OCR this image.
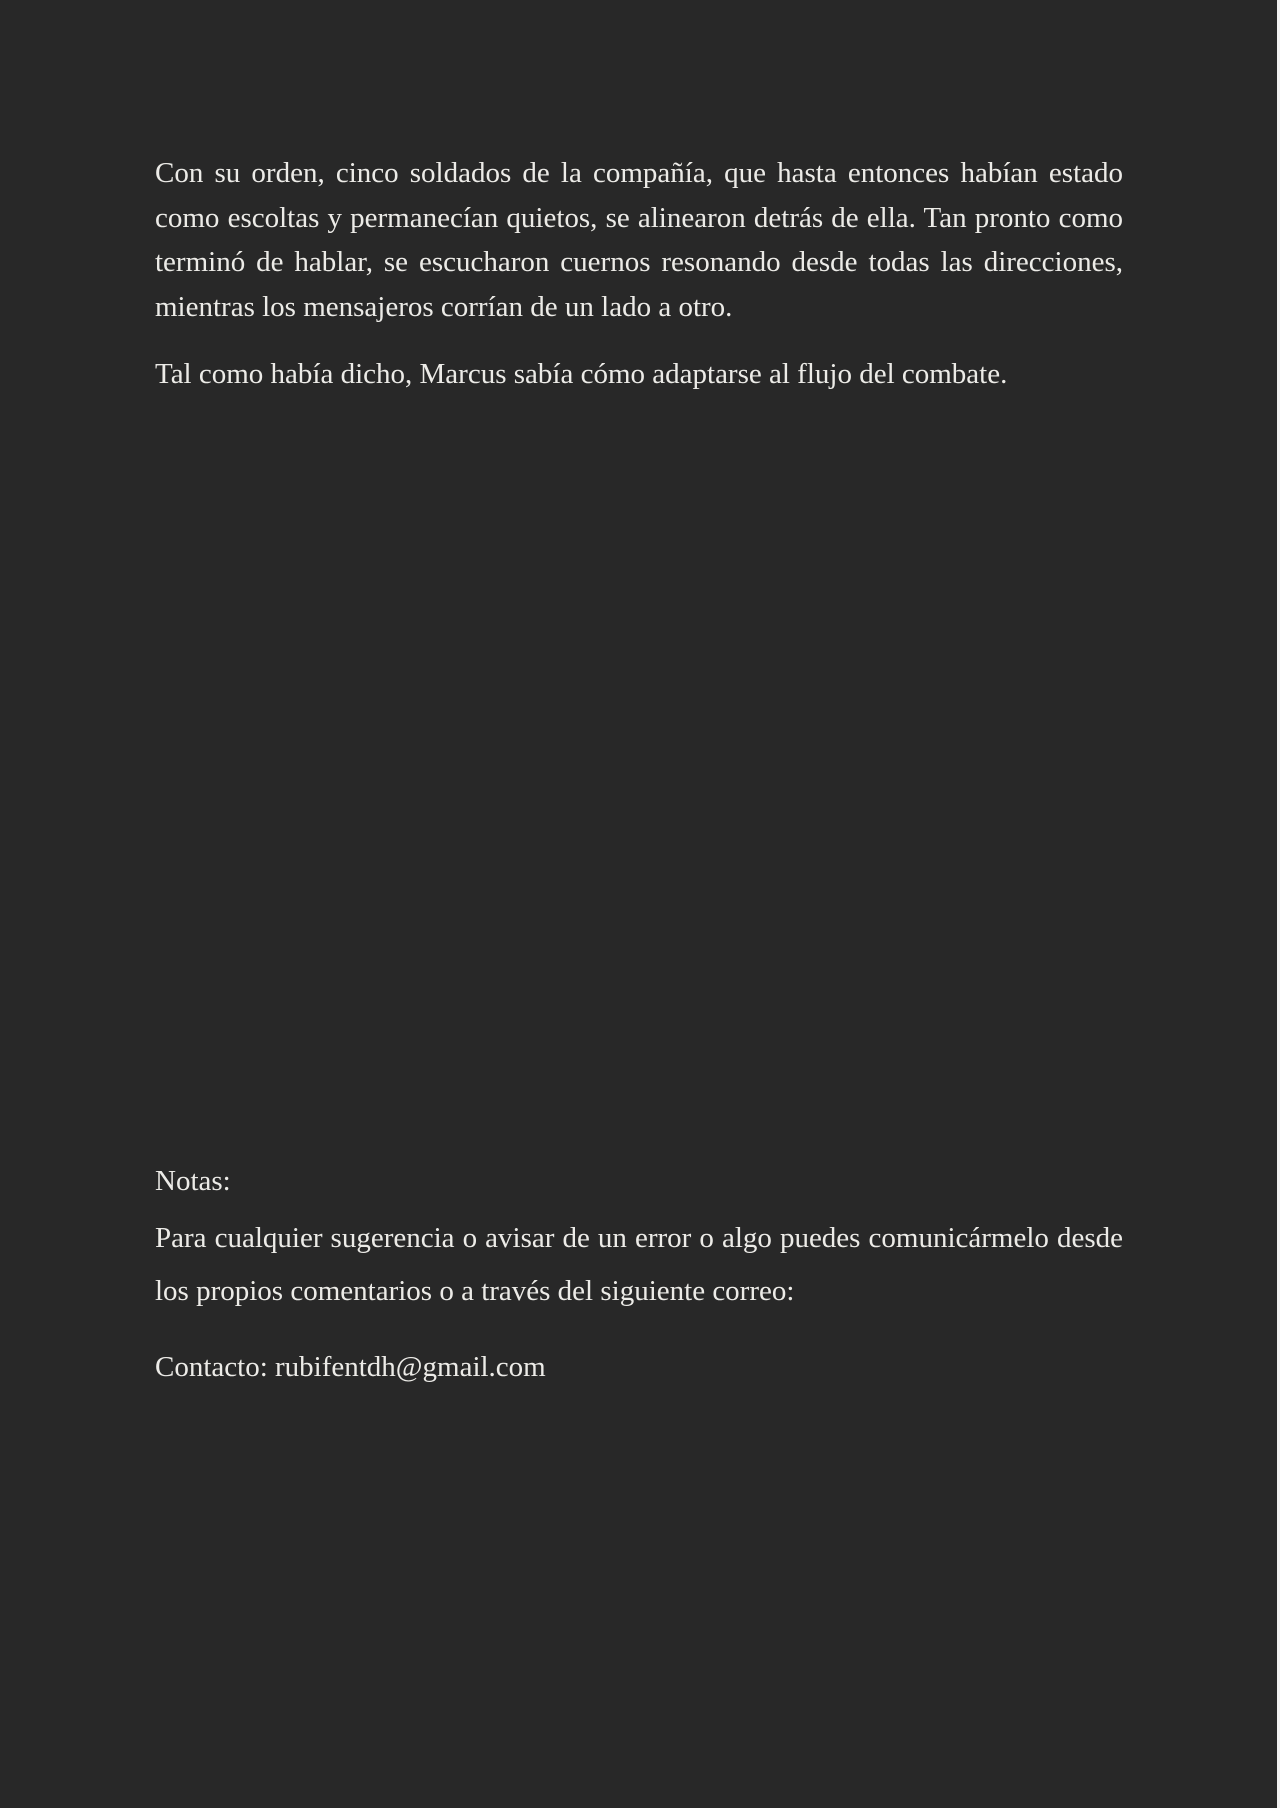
Con su orden, cinco soldados de la compañía, que hasta entonces habían estado como escoltas y permanecían quietos, se alinearon detrás de ella. Tan pronto como terminó de hablar, se escucharon cuernos resonando desde todas las direcciones, mientras los mensajeros corrían de un lado a otro.

Tal como había dicho, Marcus sabía cómo adaptarse al flujo del combate.

Notas:

Para cualquier sugerencia o avisar de un error o algo puedes comunicármelo desde los propios comentarios o a través del siguiente correo:

Contacto: rubifentdh@gmail.com
